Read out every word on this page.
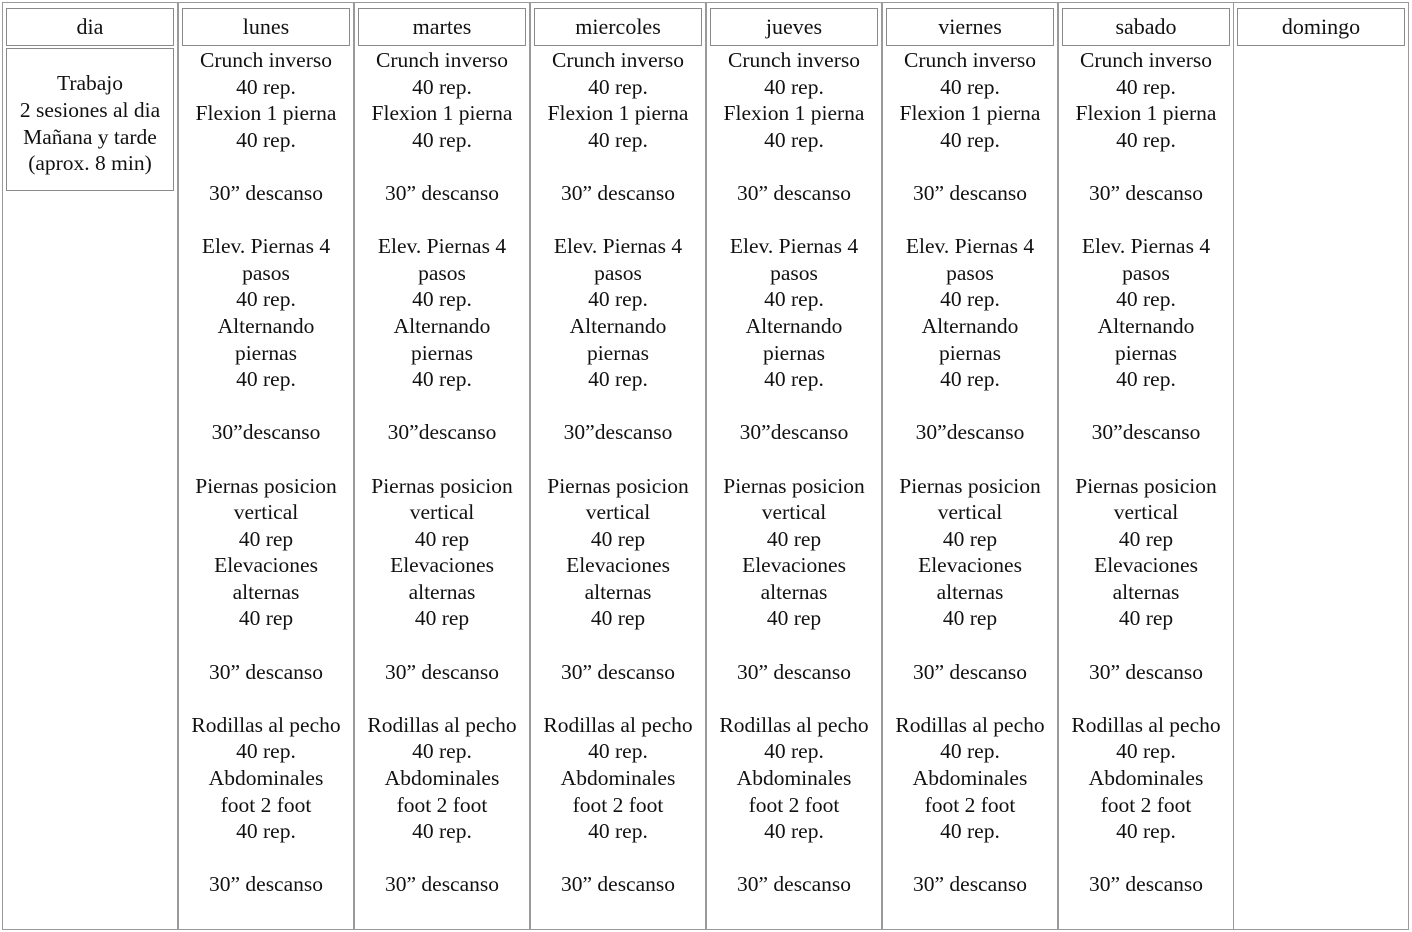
dia
Trabajo
2 sesiones al dia
Mañana y tarde
(aprox. 8 min)
lunes
Crunch inverso
40 rep.
Flexion 1 pierna
40 rep.
30” descanso
Elev. Piernas 4
pasos
40 rep.
Alternando
piernas
40 rep.
30”descanso
Piernas posicion
vertical
40 rep
Elevaciones
alternas
40 rep
30” descanso
Rodillas al pecho
40 rep.
Abdominales
foot 2 foot
40 rep.
30” descanso
martes
Crunch inverso
40 rep.
Flexion 1 pierna
40 rep.
30” descanso
Elev. Piernas 4
pasos
40 rep.
Alternando
piernas
40 rep.
30”descanso
Piernas posicion
vertical
40 rep
Elevaciones
alternas
40 rep
30” descanso
Rodillas al pecho
40 rep.
Abdominales
foot 2 foot
40 rep.
30” descanso
miercoles
Crunch inverso
40 rep.
Flexion 1 pierna
40 rep.
30” descanso
Elev. Piernas 4
pasos
40 rep.
Alternando
piernas
40 rep.
30”descanso
Piernas posicion
vertical
40 rep
Elevaciones
alternas
40 rep
30” descanso
Rodillas al pecho
40 rep.
Abdominales
foot 2 foot
40 rep.
30” descanso
jueves
Crunch inverso
40 rep.
Flexion 1 pierna
40 rep.
30” descanso
Elev. Piernas 4
pasos
40 rep.
Alternando
piernas
40 rep.
30”descanso
Piernas posicion
vertical
40 rep
Elevaciones
alternas
40 rep
30” descanso
Rodillas al pecho
40 rep.
Abdominales
foot 2 foot
40 rep.
30” descanso
viernes
Crunch inverso
40 rep.
Flexion 1 pierna
40 rep.
30” descanso
Elev. Piernas 4
pasos
40 rep.
Alternando
piernas
40 rep.
30”descanso
Piernas posicion
vertical
40 rep
Elevaciones
alternas
40 rep
30” descanso
Rodillas al pecho
40 rep.
Abdominales
foot 2 foot
40 rep.
30” descanso
sabado
Crunch inverso
40 rep.
Flexion 1 pierna
40 rep.
30” descanso
Elev. Piernas 4
pasos
40 rep.
Alternando
piernas
40 rep.
30”descanso
Piernas posicion
vertical
40 rep
Elevaciones
alternas
40 rep
30” descanso
Rodillas al pecho
40 rep.
Abdominales
foot 2 foot
40 rep.
30” descanso
domingo
